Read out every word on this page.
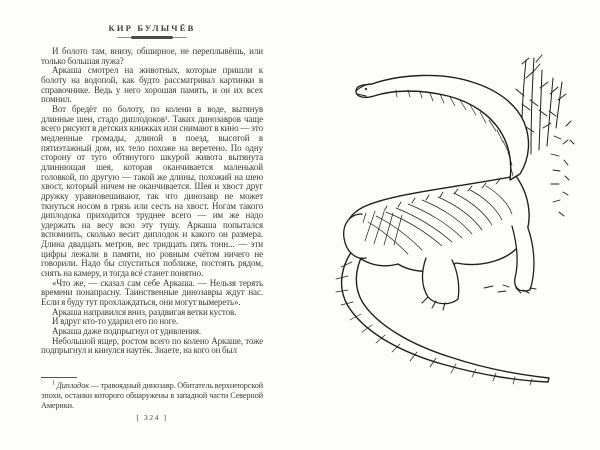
КИР БУЛЫЧЁВ

И болото там, внизу, обширное, не переплывёшь, или только большая лужа?

Аркаша смотрел на животных, которые пришли к болоту на водопой, как будто рассматривал картинки в справочнике. Ведь у него хорошая память, и он их всех помнил.

Вот бредёт по болоту, по колени в воде, вытянув длинные шеи, стадо диплодоков¹. Таких динозавров чаще всего рисуют в детских книжках или снимают в кино — это медленные громады, длиной в поезд, высотой в пятиэтажный дом, их тело похоже на веретено. По одну сторону от туго обтянутого шкурой живота вытянута длиннющая шея, которая оканчивается маленькой головкой, по другую — такой же длины, похожий на шею хвост, который ничем не оканчивается. Шея и хвост друг дружку уравновешивают, так что динозавр не может ткнуться носом в грязь или сесть на хвост. Ногам такого диплодока приходится труднее всего — им же надо удержать на весу всю эту тушу. Аркаша попытался вспомнить, сколько весит диплодок и какого он размера. Длина двадцать метров, вес тридцать пять тонн... — эти цифры лежали в памяти, но ровным счётом ничего не говорили. Надо бы спуститься поближе, постоять рядом, снять на камеру, и тогда всё станет понятно.

«Что же, — сказал сам себе Аркаша. — Нельзя терять времени понапрасну. Таинственные динозавры ждут нас. Если я буду тут прохлаждаться, они могут вымереть».

Аркаша направился вниз, раздвигая ветки кустов.

И вдруг кто-то ударил его по ноге.

Аркаша даже подпрыгнул от удивления.

Небольшой ящер, ростом всего по колено Аркаше, тоже подпрыгнул и кинулся наутёк. Знаете, на кого он был

$^1$ Диплодок — травоядный динозавр. Обитатель верхнеюрской эпохи, останки которого обнаружены в западной части Северной Америки.

[ 324 ]
